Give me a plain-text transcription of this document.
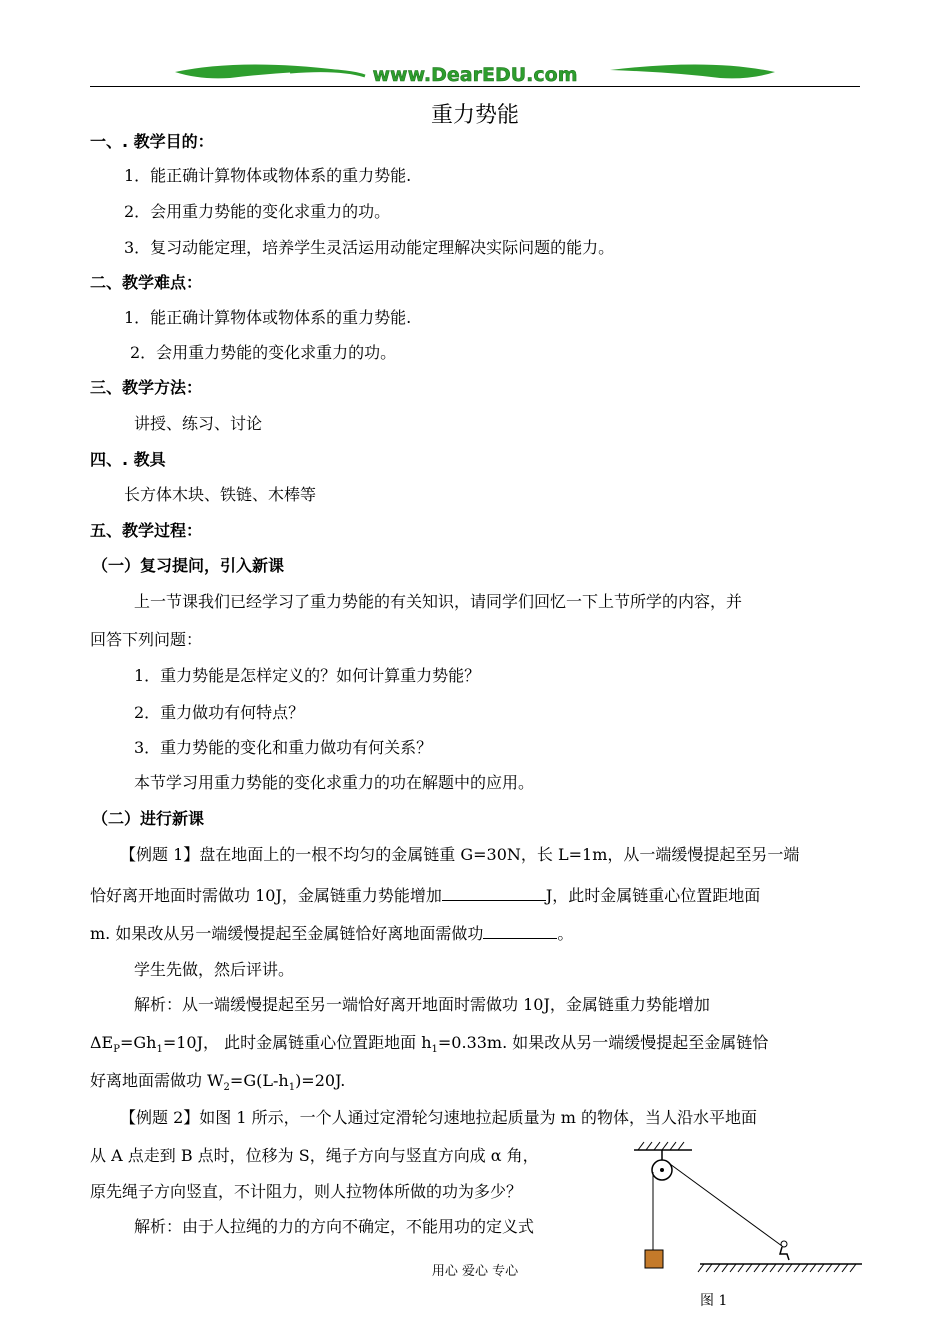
www.DearEDU.com
重力势能
一、. 教学目的：
1．能正确计算物体或物体系的重力势能.
2．会用重力势能的变化求重力的功。
3．复习动能定理，培养学生灵活运用动能定理解决实际问题的能力。
二、教学难点：
1．能正确计算物体或物体系的重力势能.
2．会用重力势能的变化求重力的功。
三、教学方法：
讲授、练习、讨论
四、. 教具
长方体木块、铁链、木棒等
五、教学过程：
（一）复习提问，引入新课
上一节课我们已经学习了重力势能的有关知识，请同学们回忆一下上节所学的内容，并
回答下列问题：
1．重力势能是怎样定义的？如何计算重力势能？
2．重力做功有何特点？
3．重力势能的变化和重力做功有何关系？
本节学习用重力势能的变化求重力的功在解题中的应用。
（二）进行新课
【例题 1】盘在地面上的一根不均匀的金属链重 G=30N，长 L=1m，从一端缓慢提起至另一端
恰好离开地面时需做功 10J，金属链重力势能增加	J，此时金属链重心位置距地面
m. 如果改从另一端缓慢提起至金属链恰好离地面需做功	。
学生先做，然后评讲。
解析：从一端缓慢提起至另一端恰好离开地面时需做功 10J，金属链重力势能增加
$\Delta E_P=Gh_1=10J$， 此时金属链重心位置距地面 $h_1=0.33m$. 如果改从另一端缓慢提起至金属链恰
好离地面需做功 $W_2=G(L-h_1)=20J$.
【例题 2】如图 1 所示，一个人通过定滑轮匀速地拉起质量为 m 的物体，当人沿水平地面
从 A 点走到 B 点时，位移为 S，绳子方向与竖直方向成 α 角，
原先绳子方向竖直，不计阻力，则人拉物体所做的功为多少？
解析：由于人拉绳的力的方向不确定，不能用功的定义式
图 1
用心 爱心 专心
